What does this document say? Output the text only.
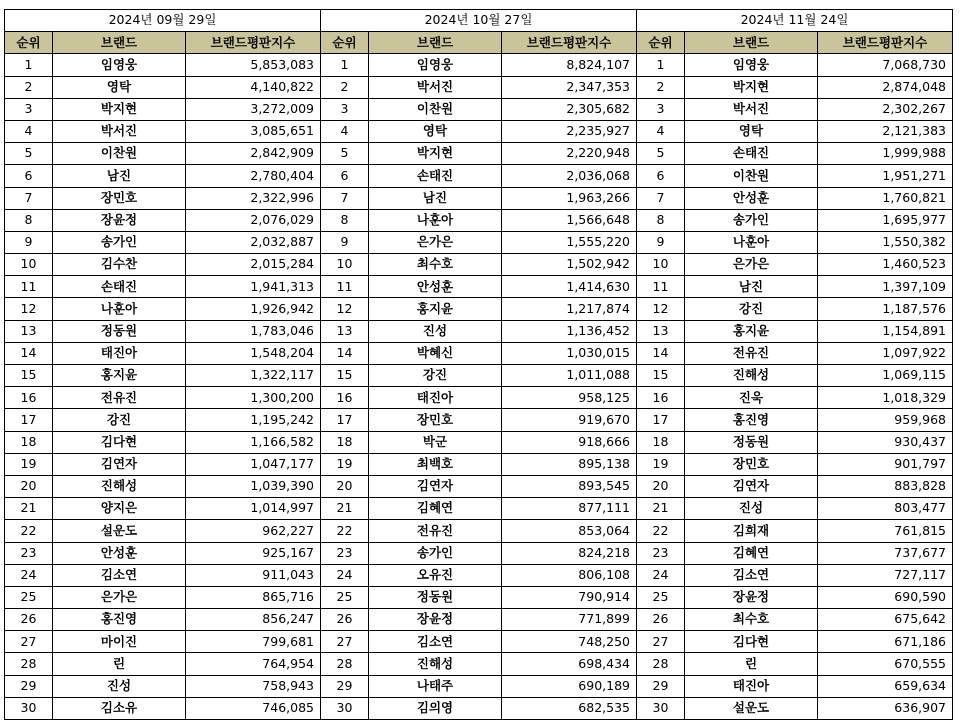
2024년 09월 29일		
순위	브랜드	브랜드평판지수
1	임영웅	5,853,083
2	영탁	4,140,822
3	박지현	3,272,009
4	박서진	3,085,651
5	이찬원	2,842,909
6	남진	2,780,404
7	장민호	2,322,996
8	장윤정	2,076,029
9	송가인	2,032,887
10	김수찬	2,015,284
11	손태진	1,941,313
12	나훈아	1,926,942
13	정동원	1,783,046
14	태진아	1,548,204
15	홍지윤	1,322,117
16	전유진	1,300,200
17	강진	1,195,242
18	김다현	1,166,582
19	김연자	1,047,177
20	진해성	1,039,390
21	양지은	1,014,997
22	설운도	962,227
23	안성훈	925,167
24	김소연	911,043
25	은가은	865,716
26	홍진영	856,247
27	마이진	799,681
28	린	764,954
29	진성	758,943
30	김소유	746,085
2024년 10월 27일		
순위	브랜드	브랜드평판지수
1	임영웅	8,824,107
2	박서진	2,347,353
3	이찬원	2,305,682
4	영탁	2,235,927
5	박지현	2,220,948
6	손태진	2,036,068
7	남진	1,963,266
8	나훈아	1,566,648
9	은가은	1,555,220
10	최수호	1,502,942
11	안성훈	1,414,630
12	홍지윤	1,217,874
13	진성	1,136,452
14	박혜신	1,030,015
15	강진	1,011,088
16	태진아	958,125
17	장민호	919,670
18	박군	918,666
19	최백호	895,138
20	김연자	893,545
21	김혜연	877,111
22	전유진	853,064
23	송가인	824,218
24	오유진	806,108
25	정동원	790,914
26	장윤정	771,899
27	김소연	748,250
28	진해성	698,434
29	나태주	690,189
30	김의영	682,535
2024년 11월 24일		
순위	브랜드	브랜드평판지수
1	임영웅	7,068,730
2	박지현	2,874,048
3	박서진	2,302,267
4	영탁	2,121,383
5	손태진	1,999,988
6	이찬원	1,951,271
7	안성훈	1,760,821
8	송가인	1,695,977
9	나훈아	1,550,382
10	은가은	1,460,523
11	남진	1,397,109
12	강진	1,187,576
13	홍지윤	1,154,891
14	전유진	1,097,922
15	진해성	1,069,115
16	진욱	1,018,329
17	홍진영	959,968
18	정동원	930,437
19	장민호	901,797
20	김연자	883,828
21	진성	803,477
22	김희재	761,815
23	김혜연	737,677
24	김소연	727,117
25	장윤정	690,590
26	최수호	675,642
27	김다현	671,186
28	린	670,555
29	태진아	659,634
30	설운도	636,907
